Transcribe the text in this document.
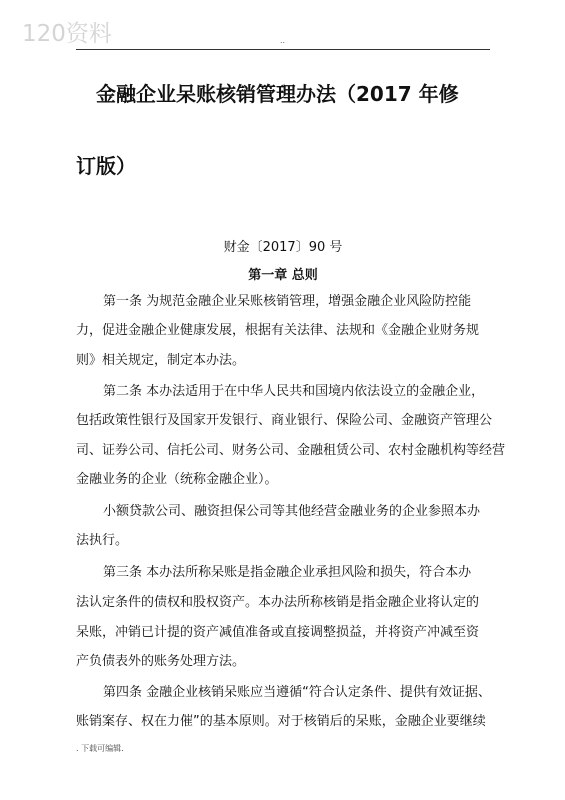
120资料	..
金融企业呆账核销管理办法（2017 年修
订版）
财金〔2017〕90 号
第一章 总则
第一条 为规范金融企业呆账核销管理，增强金融企业风险防控能
力，促进金融企业健康发展，根据有关法律、法规和《金融企业财务规
则》相关规定，制定本办法。
第二条 本办法适用于在中华人民共和国境内依法设立的金融企业，
包括政策性银行及国家开发银行、商业银行、保险公司、金融资产管理公
司、证券公司、信托公司、财务公司、金融租赁公司、农村金融机构等经营
金融业务的企业（统称金融企业）。
小额贷款公司、融资担保公司等其他经营金融业务的企业参照本办
法执行。
第三条 本办法所称呆账是指金融企业承担风险和损失，符合本办
法认定条件的债权和股权资产。本办法所称核销是指金融企业将认定的
呆账，冲销已计提的资产减值准备或直接调整损益，并将资产冲减至资
产负债表外的账务处理方法。
第四条 金融企业核销呆账应当遵循“符合认定条件、提供有效证据、
账销案存、权在力催”的基本原则。对于核销后的呆账，金融企业要继续
. 下载可编辑.
